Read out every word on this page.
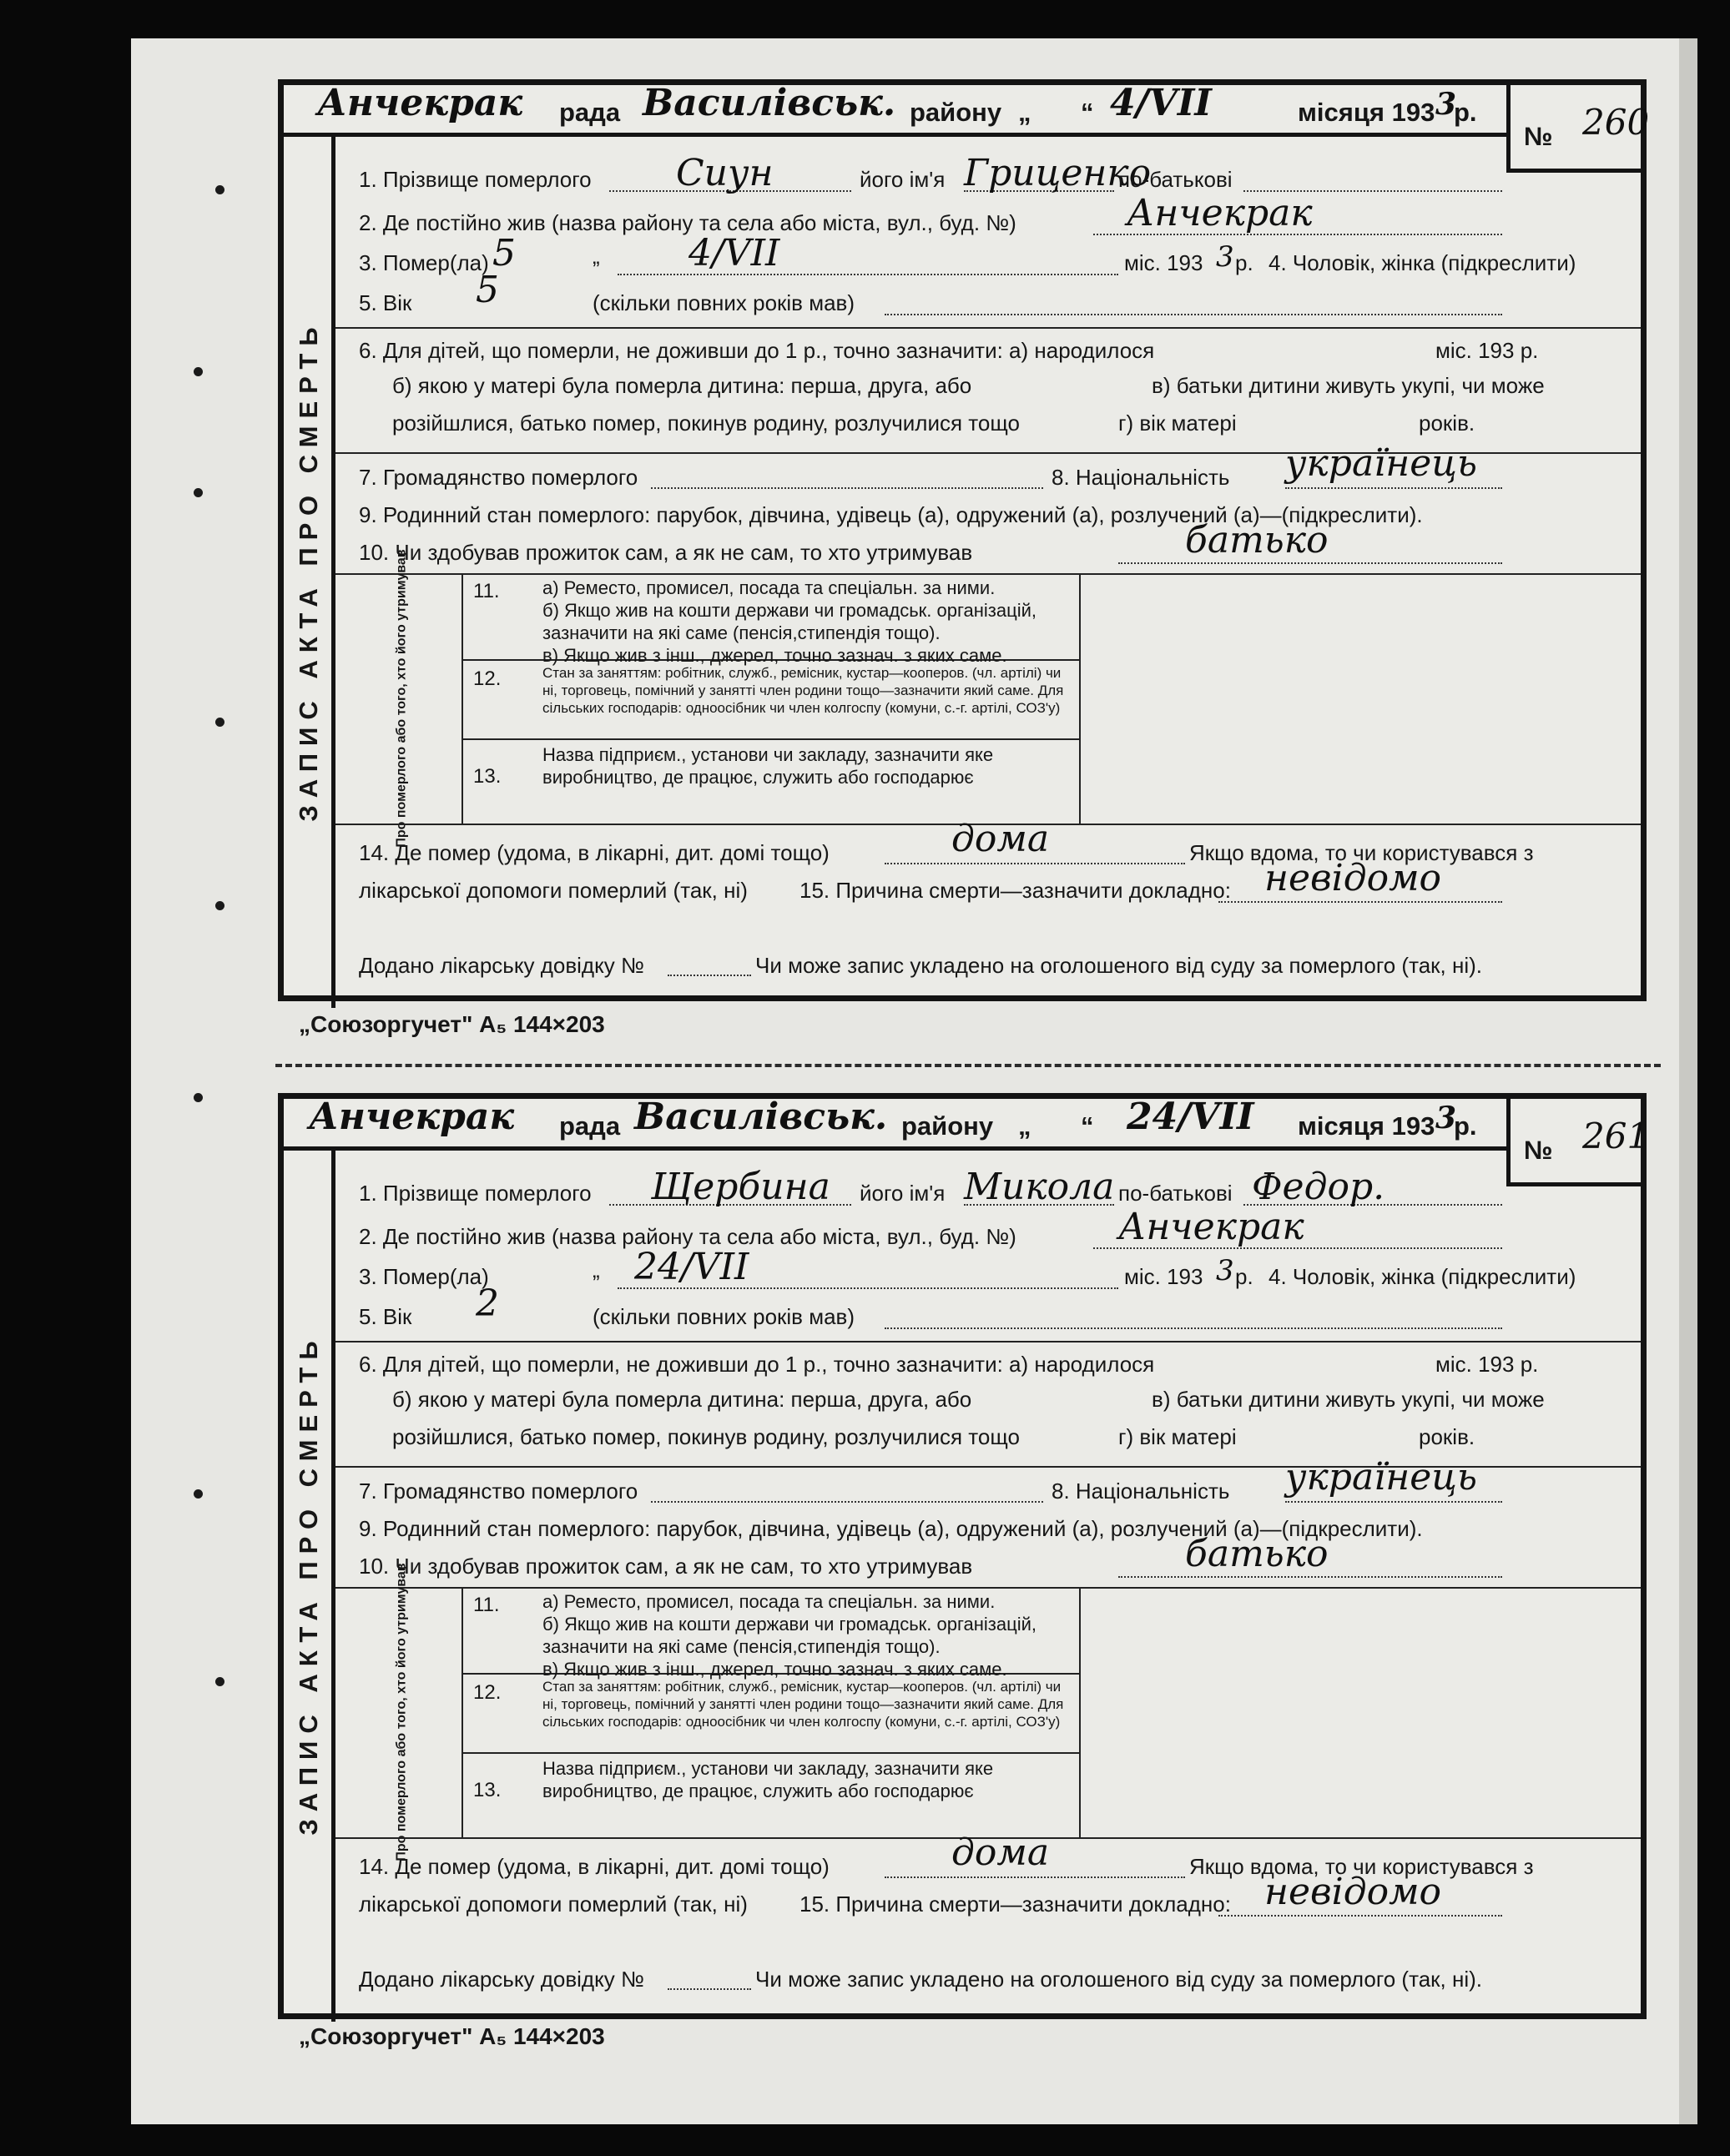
Анчекрак рада Василівськ. району „ “ 4/VII	місяця 193 3
р.
№ 260
ЗАПИС АКТА ПРО СМЕРТЬ
1. Прізвище померлого Сиун	його ім'я Гриценко
по-батькові
2. Де постійно жив (назва району та села або міста, вул., буд. №)	Анчекрак
3. Помер(ла) 5	„ 4/VII	міс. 193 3 р. 4. Чоловік, жінка (підкреслити)
5. Вік 5	(скільки повних років мав)
6. Для дітей, що померли, не доживши до 1 р., точно зазначити: а) народилося	міс. 193 р.
б) якою у матері була померла дитина: перша, друга, або	в) батьки дитини живуть укупі, чи може
розійшлися, батько помер, покинув родину, розлучилися тощо	г) вік матері	років.
7. Громадянство померлого	8. Національність українець
9. Родинний стан померлого: парубок, дівчина, удівець (а), одружений (а), розлучений (а)—(підкреслити).
10. Чи здобував прожиток сам, а як не сам, то хто утримував	батько
Про померлого або того, хто його утримував	11. а) Реместо, промисел, посада та спеціальн. за ними.
б) Якщо жив на кошти держави чи громадськ. організацій, зазначити на які саме (пенсія,стипендія тощо).
в) Якщо жив з інш., джерел, точно зазнач. з яких саме.
12.	Стан за заняттям: робітник, служб., ремісник, кустар—кооперов. (чл. артілі) чи ні, торговець, помічний у занятті член родини тощо—зазначити який саме. Для сільських господарів: одноосібник чи член колгоспу (комуни, с.-г. артілі, СОЗ'у)
13.
Назва підприєм., установи чи закладу, зазначити яке виробництво, де працює, служить або господарює
14. Де помер (удома, в лікарні, дит. домі тощо)	дома	Якщо вдома, то чи користувався з
лікарської допомоги померлий (так, ні) 15. Причина смерти—зазначити докладно: невідомо
Додано лікарську довідку №	Чи може запис укладено на оголошеного від суду за померлого (так, ні).
„Союзоргучет" А₅ 144×203
Анчекрак рада Василівськ. району „ “ 24/VII місяця 193 3
р.
№ 261
ЗАПИС АКТА ПРО СМЕРТЬ
1. Прізвище померлого Щербина його ім'я Микола по-батькові Федор.
2. Де постійно жив (назва району та села або міста, вул., буд. №)	Анчекрак
3. Помер(ла)	„ 24/VII	міс. 193 3 р. 4. Чоловік, жінка (підкреслити)
5. Вік 2	(скільки повних років мав)
6. Для дітей, що померли, не доживши до 1 р., точно зазначити: а) народилося	міс. 193 р.
б) якою у матері була померла дитина: перша, друга, або	в) батьки дитини живуть укупі, чи може
розійшлися, батько помер, покинув родину, розлучилися тощо	г) вік матері	років.
7. Громадянство померлого	8. Національність українець
9. Родинний стан померлого: парубок, дівчина, удівець (а), одружений (а), розлучений (а)—(підкреслити).
10. Чи здобував прожиток сам, а як не сам, то хто утримував	батько
Про померлого або того, хто його утримував	11. а) Реместо, промисел, посада та спеціальн. за ними.
б) Якщо жив на кошти держави чи громадськ. організацій, зазначити на які саме (пенсія,стипендія тощо).
в) Якщо жив з інш., джерел, точно зазнач. з яких саме.
12.	Стап за заняттям: робітник, служб., ремісник, кустар—кооперов. (чл. артілі) чи ні, торговець, помічний у занятті член родини тощо—зазначити який саме. Для сільських господарів: одноосібник чи член колгоспу (комуни, с.-г. артілі, СОЗ'у)
13.
Назва підприєм., установи чи закладу, зазначити яке виробництво, де працює, служить або господарює
14. Де помер (удома, в лікарні, дит. домі тощо)	дома	Якщо вдома, то чи користувався з
лікарської допомоги померлий (так, ні) 15. Причина смерти—зазначити докладно: невідомо
Додано лікарську довідку №	Чи може запис укладено на оголошеного від суду за померлого (так, ні).
„Союзоргучет" А₅ 144×203
